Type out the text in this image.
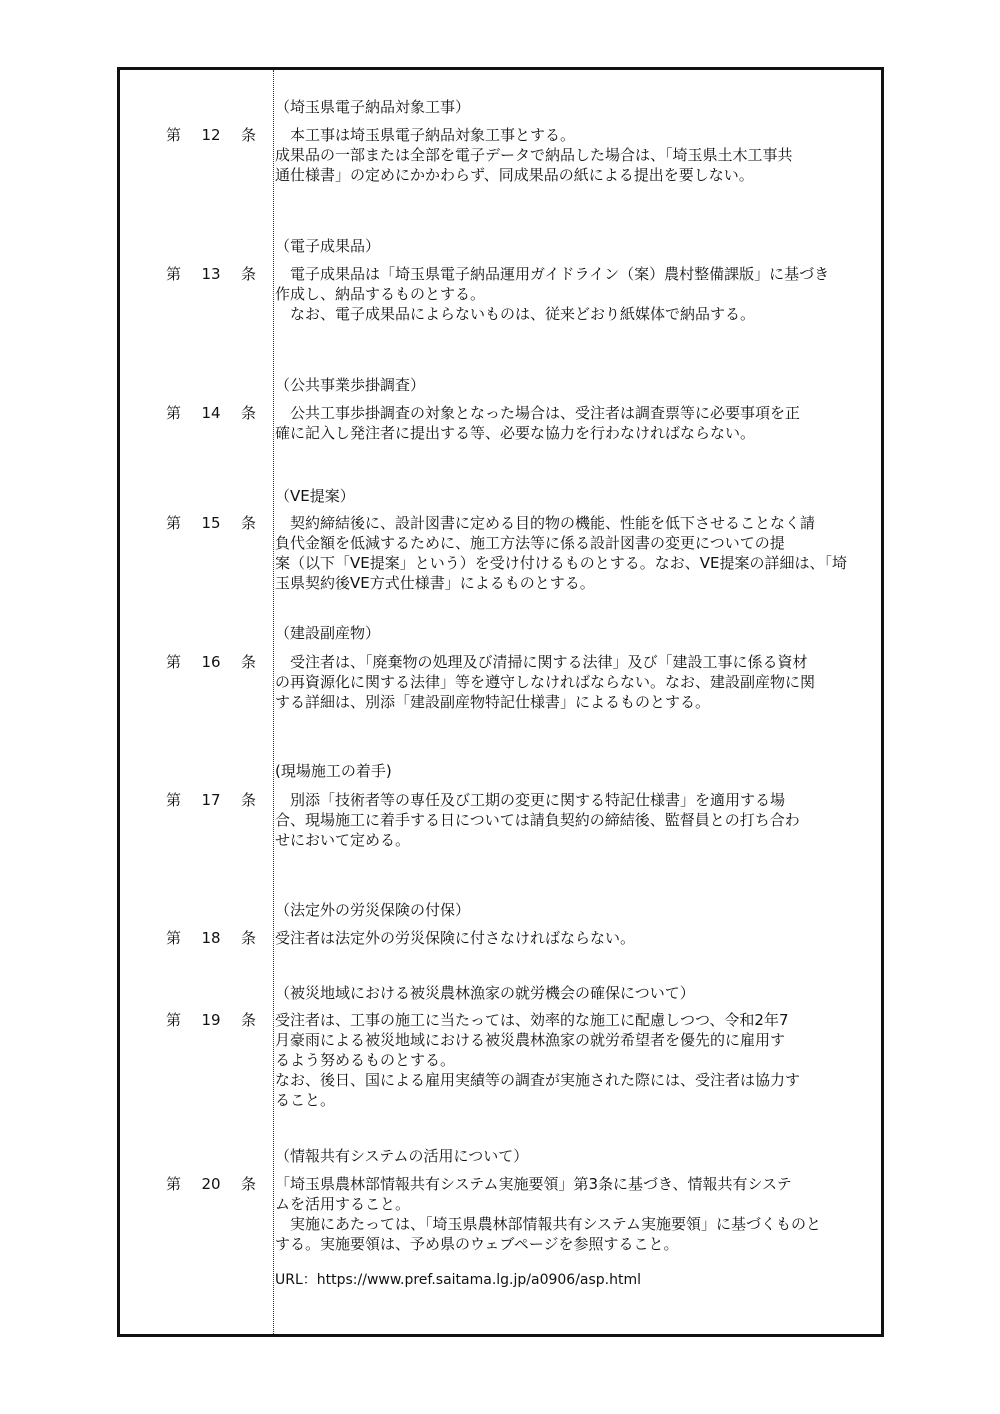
（埼玉県電子納品対象工事）
第 12 条 　本工事は埼玉県電子納品対象工事とする。

成果品の一部または全部を電子データで納品した場合は、「埼玉県土木工事共

通仕様書」の定めにかかわらず、同成果品の紙による提出を要しない。

（電子成果品）
第 13 条 　電子成果品は「埼玉県電子納品運用ガイドライン（案）農村整備課版」に基づき

作成し、納品するものとする。

　なお、電子成果品によらないものは、従来どおり紙媒体で納品する。

（公共事業歩掛調査）
第 14 条 　公共工事歩掛調査の対象となった場合は、受注者は調査票等に必要事項を正

確に記入し発注者に提出する等、必要な協力を行わなければならない。

（VE提案）
第 15 条 　契約締結後に、設計図書に定める目的物の機能、性能を低下させることなく請

負代金額を低減するために、施工方法等に係る設計図書の変更についての提

案（以下「VE提案」という）を受け付けるものとする。なお、VE提案の詳細は、「埼

玉県契約後VE方式仕様書」によるものとする。

（建設副産物）
第 16 条 　受注者は、「廃棄物の処理及び清掃に関する法律」及び「建設工事に係る資材

の再資源化に関する法律」等を遵守しなければならない。なお、建設副産物に関

する詳細は、別添「建設副産物特記仕様書」によるものとする。

(現場施工の着手)
第 17 条 　別添「技術者等の専任及び工期の変更に関する特記仕様書」を適用する場

合、現場施工に着手する日については請負契約の締結後、監督員との打ち合わ

せにおいて定める。

（法定外の労災保険の付保）
第 18 条 受注者は法定外の労災保険に付さなければならない。

（被災地域における被災農林漁家の就労機会の確保について）
第 19 条 受注者は、工事の施工に当たっては、効率的な施工に配慮しつつ、令和2年7

月豪雨による被災地域における被災農林漁家の就労希望者を優先的に雇用す

るよう努めるものとする。

なお、後日、国による雇用実績等の調査が実施された際には、受注者は協力す

ること。

（情報共有システムの活用について）
第 20 条 「埼玉県農林部情報共有システム実施要領」第3条に基づき、情報共有システ

ムを活用すること。

　実施にあたっては、「埼玉県農林部情報共有システム実施要領」に基づくものと

する。実施要領は、予め県のウェブページを参照すること。

URL：https://www.pref.saitama.lg.jp/a0906/asp.html
